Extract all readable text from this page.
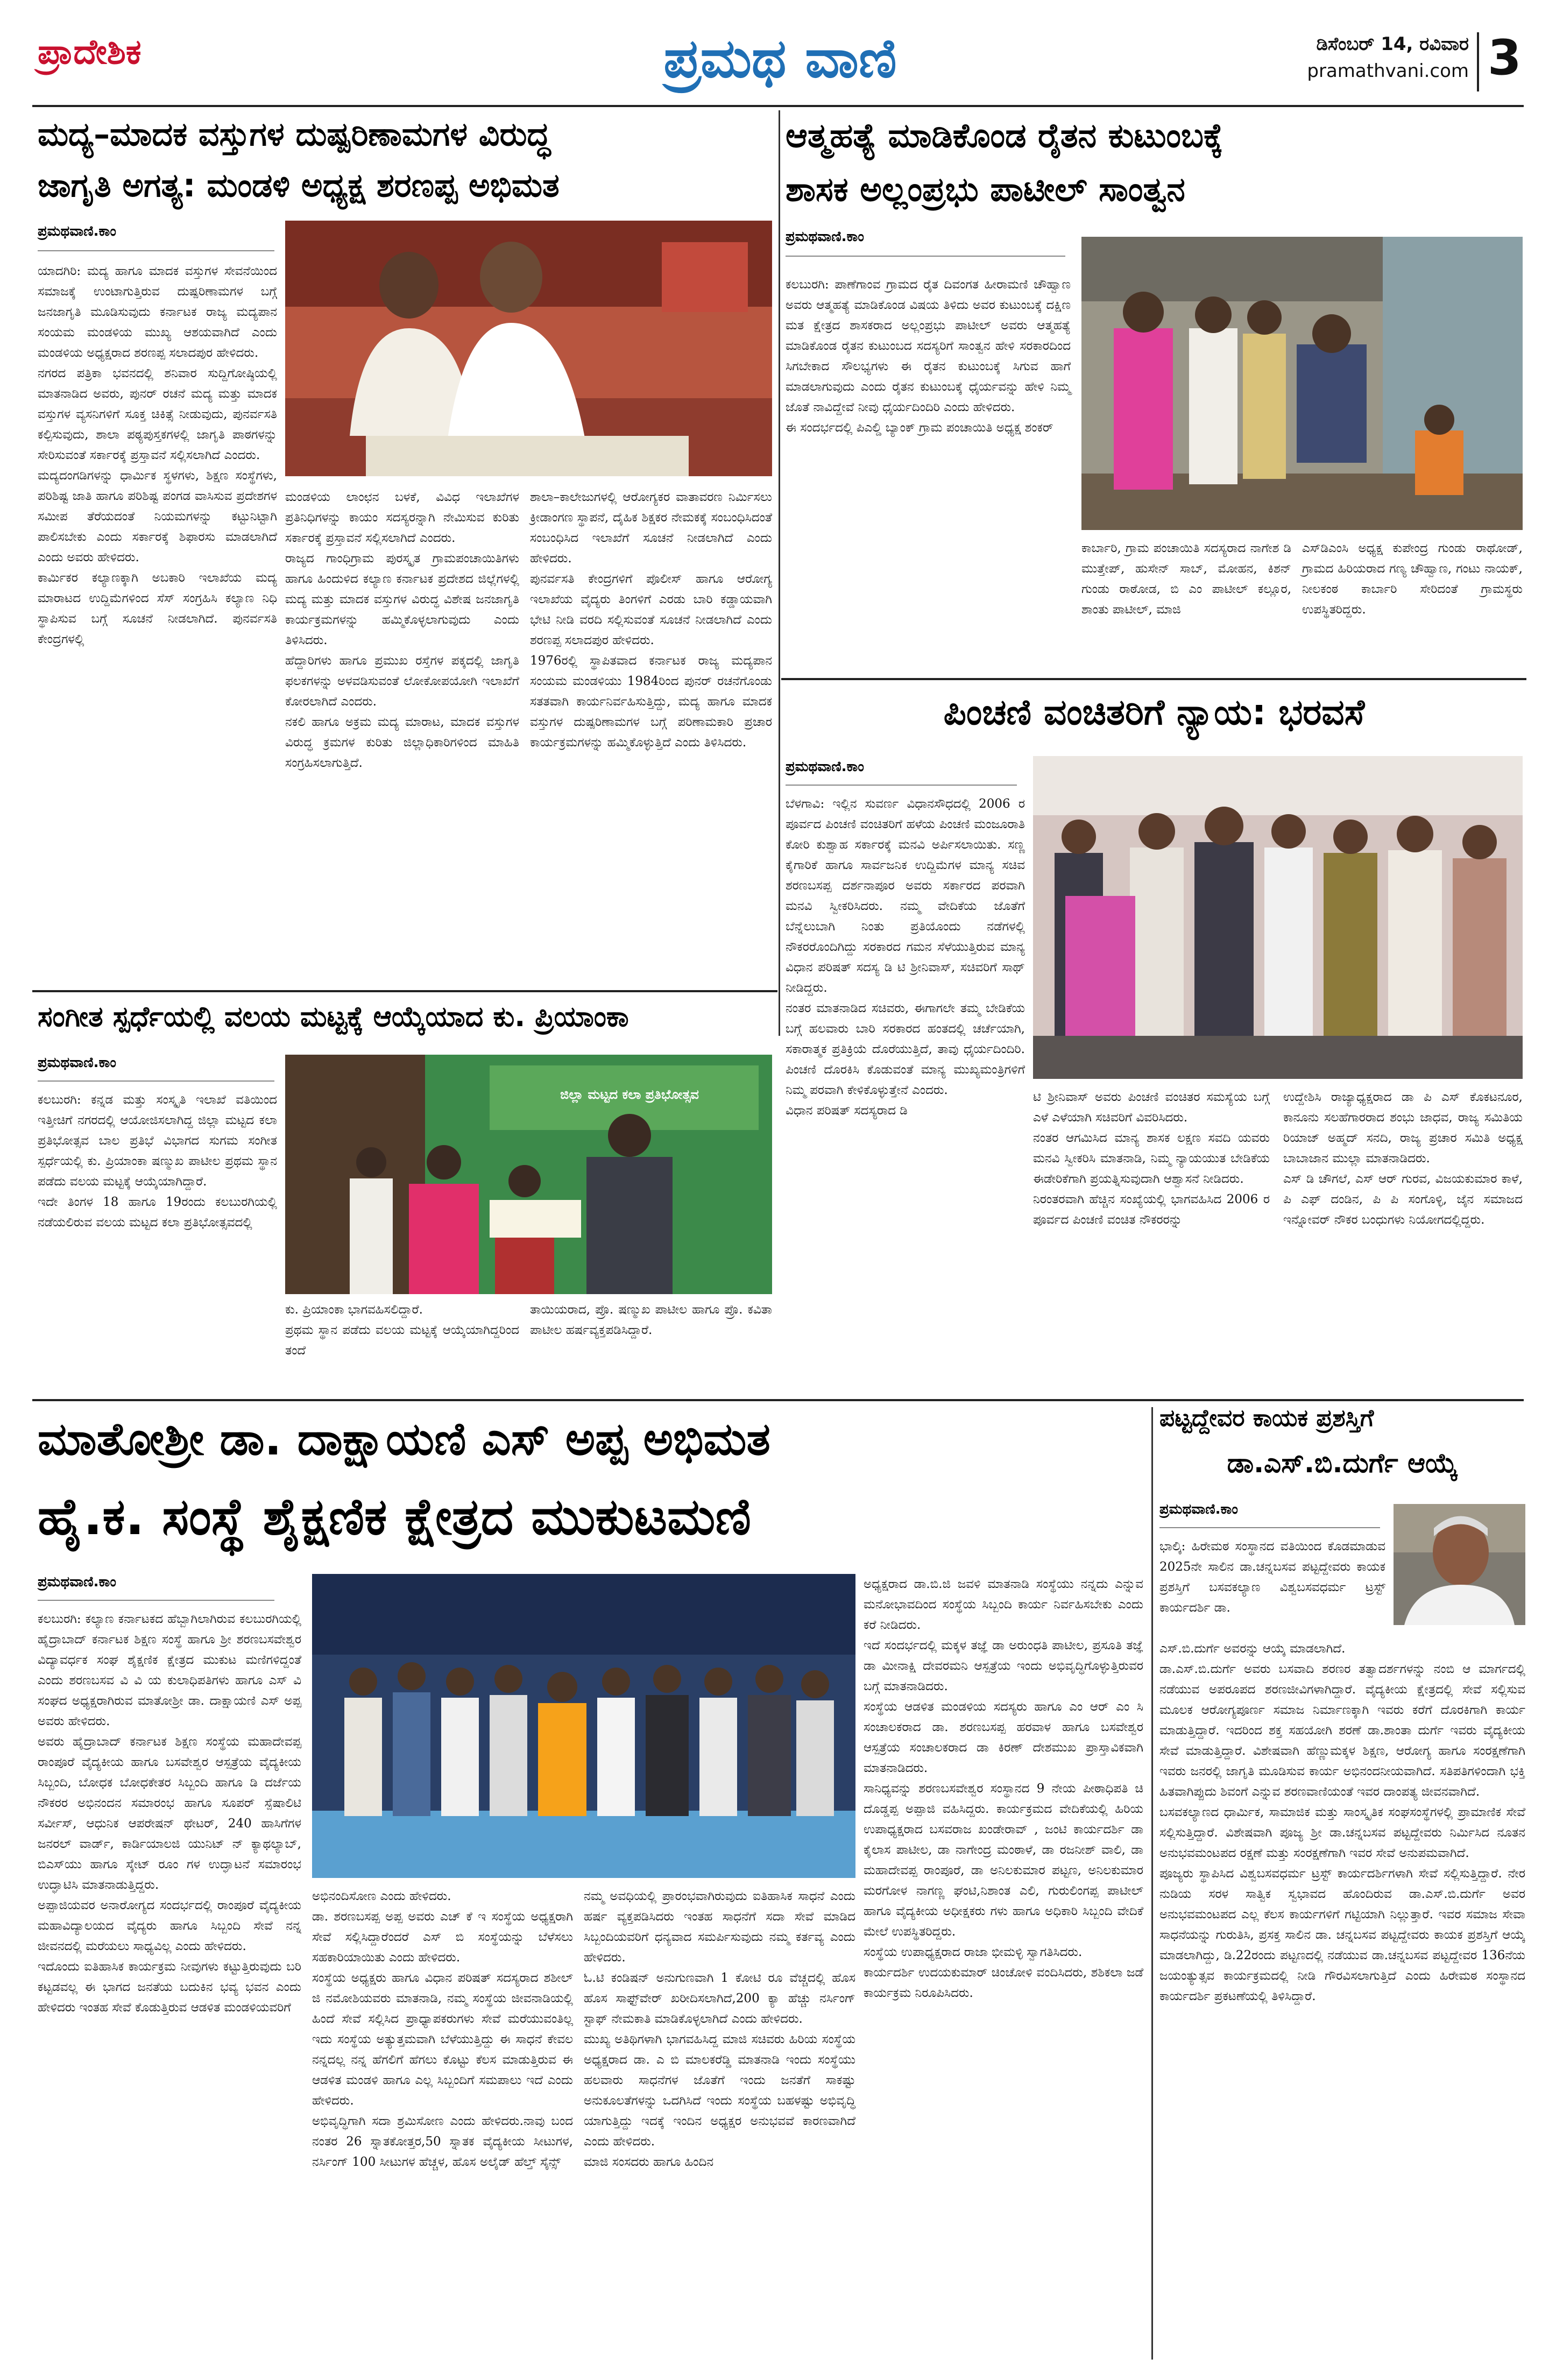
ಪ್ರಾದೇಶಿಕ	ಪ್ರಮಥ ವಾಣಿ	ಡಿಸೆಂಬರ್ 14, ರವಿವಾರ
pramathvani.com 3
ಮದ್ಯ–ಮಾದಕ ವಸ್ತುಗಳ ದುಷ್ಪರಿಣಾಮಗಳ ವಿರುದ್ಧ
ಜಾಗೃತಿ ಅಗತ್ಯ: ಮಂಡಳಿ ಅಧ್ಯಕ್ಷ ಶರಣಪ್ಪ ಅಭಿಮತ
ಪ್ರಮಥವಾಣಿ.ಕಾಂ
ಯಾದಗಿರಿ: ಮದ್ಯ ಹಾಗೂ ಮಾದಕ ವಸ್ತುಗಳ ಸೇವನೆಯಿಂದ ಸಮಾಜಕ್ಕೆ ಉಂಟಾಗುತ್ತಿರುವ ದುಷ್ಪರಿಣಾಮಗಳ ಬಗ್ಗೆ ಜನಜಾಗೃತಿ ಮೂಡಿಸುವುದು ಕರ್ನಾಟಕ ರಾಜ್ಯ ಮದ್ಯಪಾನ ಸಂಯಮ ಮಂಡಳಿಯ ಮುಖ್ಯ ಆಶಯವಾಗಿದೆ ಎಂದು ಮಂಡಳಿಯ ಅಧ್ಯಕ್ಷರಾದ ಶರಣಪ್ಪ ಸಲಾದಪುರ ಹೇಳಿದರು.
ನಗರದ ಪತ್ರಿಕಾ ಭವನದಲ್ಲಿ ಶನಿವಾರ ಸುದ್ದಿಗೋಷ್ಠಿಯಲ್ಲಿ ಮಾತನಾಡಿದ ಅವರು, ಪುನರ್ ರಚನೆ ಮದ್ಯ ಮತ್ತು ಮಾದಕ ವಸ್ತುಗಳ ವ್ಯಸನಿಗಳಿಗೆ ಸೂಕ್ತ ಚಿಕಿತ್ಸೆ ನೀಡುವುದು, ಪುನರ್ವಸತಿ ಕಲ್ಪಿಸುವುದು, ಶಾಲಾ ಪಠ್ಯಪುಸ್ತಕಗಳಲ್ಲಿ ಜಾಗೃತಿ ಪಾಠಗಳನ್ನು ಸೇರಿಸುವಂತೆ ಸರ್ಕಾರಕ್ಕೆ ಪ್ರಸ್ತಾವನೆ ಸಲ್ಲಿಸಲಾಗಿದೆ ಎಂದರು.
ಮದ್ಯದಂಗಡಿಗಳನ್ನು ಧಾರ್ಮಿಕ ಸ್ಥಳಗಳು, ಶಿಕ್ಷಣ ಸಂಸ್ಥೆಗಳು, ಪರಿಶಿಷ್ಟ ಜಾತಿ ಹಾಗೂ ಪರಿಶಿಷ್ಟ ಪಂಗಡ ವಾಸಿಸುವ ಪ್ರದೇಶಗಳ ಸಮೀಪ ತೆರೆಯದಂತೆ ನಿಯಮಗಳನ್ನು ಕಟ್ಟುನಿಟ್ಟಾಗಿ ಪಾಲಿಸಬೇಕು ಎಂದು ಸರ್ಕಾರಕ್ಕೆ ಶಿಫಾರಸು ಮಾಡಲಾಗಿದೆ ಎಂದು ಅವರು ಹೇಳಿದರು.
ಕಾರ್ಮಿಕರ ಕಲ್ಯಾಣಕ್ಕಾಗಿ ಅಬಕಾರಿ ಇಲಾಖೆಯ ಮದ್ಯ ಮಾರಾಟದ ಉದ್ದಿಮೆಗಳಿಂದ ಸೆಸ್ ಸಂಗ್ರಹಿಸಿ ಕಲ್ಯಾಣ ನಿಧಿ ಸ್ಥಾಪಿಸುವ ಬಗ್ಗೆ ಸೂಚನೆ ನೀಡಲಾಗಿದೆ. ಪುನರ್ವಸತಿ ಕೇಂದ್ರಗಳಲ್ಲಿ
ಮಂಡಳಿಯ ಲಾಂಛನ ಬಳಕೆ, ವಿವಿಧ ಇಲಾಖೆಗಳ ಪ್ರತಿನಿಧಿಗಳನ್ನು ಕಾಯಂ ಸದಸ್ಯರನ್ನಾಗಿ ನೇಮಿಸುವ ಕುರಿತು ಸರ್ಕಾರಕ್ಕೆ ಪ್ರಸ್ತಾವನೆ ಸಲ್ಲಿಸಲಾಗಿದೆ ಎಂದರು.
ರಾಜ್ಯದ ಗಾಂಧಿಗ್ರಾಮ ಪುರಸ್ಕೃತ ಗ್ರಾಮಪಂಚಾಯಿತಿಗಳು ಹಾಗೂ ಹಿಂದುಳಿದ ಕಲ್ಯಾಣ ಕರ್ನಾಟಕ ಪ್ರದೇಶದ ಜಿಲ್ಲೆಗಳಲ್ಲಿ ಮದ್ಯ ಮತ್ತು ಮಾದಕ ವಸ್ತುಗಳ ವಿರುದ್ಧ ವಿಶೇಷ ಜನಜಾಗೃತಿ ಕಾರ್ಯಕ್ರಮಗಳನ್ನು ಹಮ್ಮಿಕೊಳ್ಳಲಾಗುವುದು ಎಂದು ತಿಳಿಸಿದರು.
ಹೆದ್ದಾರಿಗಳು ಹಾಗೂ ಪ್ರಮುಖ ರಸ್ತೆಗಳ ಪಕ್ಕದಲ್ಲಿ ಜಾಗೃತಿ ಫಲಕಗಳನ್ನು ಅಳವಡಿಸುವಂತೆ ಲೋಕೋಪಯೋಗಿ ಇಲಾಖೆಗೆ ಕೋರಲಾಗಿದೆ ಎಂದರು.
ನಕಲಿ ಹಾಗೂ ಅಕ್ರಮ ಮದ್ಯ ಮಾರಾಟ, ಮಾದಕ ವಸ್ತುಗಳ ವಿರುದ್ಧ ಕ್ರಮಗಳ ಕುರಿತು ಜಿಲ್ಲಾಧಿಕಾರಿಗಳಿಂದ ಮಾಹಿತಿ ಸಂಗ್ರಹಿಸಲಾಗುತ್ತಿದೆ.
ಶಾಲಾ–ಕಾಲೇಜುಗಳಲ್ಲಿ ಆರೋಗ್ಯಕರ ವಾತಾವರಣ ನಿರ್ಮಿಸಲು ಕ್ರೀಡಾಂಗಣ ಸ್ಥಾಪನೆ, ದೈಹಿಕ ಶಿಕ್ಷಕರ ನೇಮಕಕ್ಕೆ ಸಂಬಂಧಿಸಿದಂತೆ ಸಂಬಂಧಿಸಿದ ಇಲಾಖೆಗೆ ಸೂಚನೆ ನೀಡಲಾಗಿದೆ ಎಂದು ಹೇಳಿದರು.
ಪುನರ್ವಸತಿ ಕೇಂದ್ರಗಳಿಗೆ ಪೊಲೀಸ್ ಹಾಗೂ ಆರೋಗ್ಯ ಇಲಾಖೆಯ ವೈದ್ಯರು ತಿಂಗಳಿಗೆ ಎರಡು ಬಾರಿ ಕಡ್ಡಾಯವಾಗಿ ಭೇಟಿ ನೀಡಿ ವರದಿ ಸಲ್ಲಿಸುವಂತೆ ಸೂಚನೆ ನೀಡಲಾಗಿದೆ ಎಂದು ಶರಣಪ್ಪ ಸಲಾದಪುರ ಹೇಳಿದರು.
1976ರಲ್ಲಿ ಸ್ಥಾಪಿತವಾದ ಕರ್ನಾಟಕ ರಾಜ್ಯ ಮದ್ಯಪಾನ ಸಂಯಮ ಮಂಡಳಿಯು 1984ರಿಂದ ಪುನರ್ ರಚನೆಗೊಂಡು ಸತತವಾಗಿ ಕಾರ್ಯನಿರ್ವಹಿಸುತ್ತಿದ್ದು, ಮದ್ಯ ಹಾಗೂ ಮಾದಕ ವಸ್ತುಗಳ ದುಷ್ಪರಿಣಾಮಗಳ ಬಗ್ಗೆ ಪರಿಣಾಮಕಾರಿ ಪ್ರಚಾರ ಕಾರ್ಯಕ್ರಮಗಳನ್ನು ಹಮ್ಮಿಕೊಳ್ಳುತ್ತಿದೆ ಎಂದು ತಿಳಿಸಿದರು.
ಆತ್ಮಹತ್ಯೆ ಮಾಡಿಕೊಂಡ ರೈತನ ಕುಟುಂಬಕ್ಕೆ
ಶಾಸಕ ಅಲ್ಲಂಪ್ರಭು ಪಾಟೀಲ್ ಸಾಂತ್ವನ
ಪ್ರಮಥವಾಣಿ.ಕಾಂ
ಕಲಬುರಗಿ: ಪಾಣೆಗಾಂವ ಗ್ರಾಮದ ರೈತ ದಿವಂಗತ ಹೀರಾಮಣಿ ಚೌಹ್ವಾಣ ಅವರು ಆತ್ಮಹತ್ಯೆ ಮಾಡಿಕೊಂಡ ವಿಷಯ ತಿಳಿದು ಅವರ ಕುಟುಂಬಕ್ಕೆ ದಕ್ಷಿಣ ಮತ ಕ್ಷೇತ್ರದ ಶಾಸಕರಾದ ಅಲ್ಲಂಪ್ರಭು ಪಾಟೀಲ್ ಅವರು ಆತ್ಮಹತ್ಯೆ ಮಾಡಿಕೊಂಡ ರೈತನ ಕುಟುಂಬದ ಸದಸ್ಯರಿಗೆ ಸಾಂತ್ವನ ಹೇಳಿ ಸರಕಾರದಿಂದ ಸಿಗಬೇಕಾದ ಸೌಲಭ್ಯಗಳು ಈ ರೈತನ ಕುಟುಂಬಕ್ಕೆ ಸಿಗುವ ಹಾಗೆ ಮಾಡಲಾಗುವುದು ಎಂದು ರೈತನ ಕುಟುಂಬಕ್ಕೆ ಧೈರ್ಯವನ್ನು ಹೇಳಿ ನಿಮ್ಮ ಜೊತೆ ನಾವಿದ್ದೇವೆ ನೀವು ಧೈರ್ಯದಿಂದಿರಿ ಎಂದು ಹೇಳಿದರು.
ಈ ಸಂದರ್ಭದಲ್ಲಿ ಪಿಎಲ್ಡಿ ಬ್ಯಾಂಕ್ ಗ್ರಾಮ ಪಂಚಾಯಿತಿ ಅಧ್ಯಕ್ಷ ಶಂಕರ್
ಕಾರ್ಬಾರಿ, ಗ್ರಾಮ ಪಂಚಾಯಿತಿ ಸದಸ್ಯರಾದ ನಾಗೇಶ ಡಿ ಮುತ್ತೇಪ್, ಹುಸೇನ್ ಸಾಬ್, ಮೋಹನ, ಕಿಶನ್ ಗುಂಡು ರಾಠೋಡ, ಬಿ ಎಂ ಪಾಟೀಲ್ ಕಲ್ಲೂರ, ಶಾಂತು ಪಾಟೀಲ್, ಮಾಜಿ
ಎಸ್‌ಡಿಎಂಸಿ ಅಧ್ಯಕ್ಷ ಕುಪೇಂದ್ರ ಗುಂಡು ರಾಥೋಡ್, ಗ್ರಾಮದ ಹಿರಿಯರಾದ ಗಣ್ಯ ಚೌಹ್ವಾಣ, ಗಂಟು ನಾಯಕ್, ನೀಲಕಂಠ ಕಾರ್ಬಾರಿ ಸೇರಿದಂತೆ ಗ್ರಾಮಸ್ಥರು ಉಪಸ್ಥಿತರಿದ್ದರು.
ಪಿಂಚಣಿ ವಂಚಿತರಿಗೆ ನ್ಯಾಯ: ಭರವಸೆ
ಪ್ರಮಥವಾಣಿ.ಕಾಂ
ಬೆಳಗಾವಿ: ಇಲ್ಲಿನ ಸುವರ್ಣ ವಿಧಾನಸೌಧದಲ್ಲಿ 2006 ರ ಪೂರ್ವದ ಪಿಂಚಣಿ ವಂಚಿತರಿಗೆ ಹಳೆಯ ಪಿಂಚಣಿ ಮಂಜೂರಾತಿ ಕೋರಿ ಕುಶ್ವಾಹ ಸರ್ಕಾರಕ್ಕೆ ಮನವಿ ಅರ್ಪಿಸಲಾಯಿತು. ಸಣ್ಣ ಕೈಗಾರಿಕೆ ಹಾಗೂ ಸಾರ್ವಜನಿಕ ಉದ್ದಿಮೆಗಳ ಮಾನ್ಯ ಸಚಿವ ಶರಣಬಸಪ್ಪ ದರ್ಶನಾಪೂರ ಅವರು ಸರ್ಕಾರದ ಪರವಾಗಿ ಮನವಿ ಸ್ವೀಕರಿಸಿದರು. ನಮ್ಮ ವೇದಿಕೆಯ ಜೊತೆಗೆ ಬೆನ್ನೆಲುಬಾಗಿ ನಿಂತು ಪ್ರತಿಯೊಂದು ನಡೆಗಳಲ್ಲಿ ನೌಕರರೊಂದಿಗಿದ್ದು ಸರಕಾರದ ಗಮನ ಸೆಳೆಯುತ್ತಿರುವ ಮಾನ್ಯ ವಿಧಾನ ಪರಿಷತ್ ಸದಸ್ಯ ಡಿ ಟಿ ಶ್ರೀನಿವಾಸ್, ಸಚಿವರಿಗೆ ಸಾಥ್ ನೀಡಿದ್ದರು.
ನಂತರ ಮಾತನಾಡಿದ ಸಚಿವರು, ಈಗಾಗಲೇ ತಮ್ಮ ಬೇಡಿಕೆಯ ಬಗ್ಗೆ ಹಲವಾರು ಬಾರಿ ಸರಕಾರದ ಹಂತದಲ್ಲಿ ಚರ್ಚೆಯಾಗಿ, ಸಕಾರಾತ್ಮಕ ಪ್ರತಿಕ್ರಿಯೆ ದೊರೆಯುತ್ತಿದೆ, ತಾವು ಧೈರ್ಯದಿಂದಿರಿ. ಪಿಂಚಣಿ ದೊರಕಿಸಿ ಕೊಡುವಂತೆ ಮಾನ್ಯ ಮುಖ್ಯಮಂತ್ರಿಗಳಿಗೆ ನಿಮ್ಮ ಪರವಾಗಿ ಕೇಳಿಕೊಳ್ಳುತ್ತೇನೆ ಎಂದರು.
ವಿಧಾನ ಪರಿಷತ್ ಸದಸ್ಯರಾದ ಡಿ
ಟಿ ಶ್ರೀನಿವಾಸ್ ಅವರು ಪಿಂಚಣಿ ವಂಚಿತರ ಸಮಸ್ಯೆಯ ಬಗ್ಗೆ ಎಳೆ ಎಳೆಯಾಗಿ ಸಚಿವರಿಗೆ ವಿವರಿಸಿದರು.
ನಂತರ ಆಗಮಿಸಿದ ಮಾನ್ಯ ಶಾಸಕ ಲಕ್ಷಣ ಸವದಿ ಯವರು ಮನವಿ ಸ್ವೀಕರಿಸಿ ಮಾತನಾಡಿ, ನಿಮ್ಮ ನ್ಯಾಯಯುತ ಬೇಡಿಕೆಯ ಈಡೇರಿಕೆಗಾಗಿ ಪ್ರಯತ್ನಿಸುವುದಾಗಿ ಆಶ್ವಾಸನೆ ನೀಡಿದರು.
ನಿರಂತರವಾಗಿ ಹೆಚ್ಚಿನ ಸಂಖ್ಯೆಯಲ್ಲಿ ಭಾಗವಹಿಸಿದ 2006 ರ ಪೂರ್ವದ ಪಿಂಚಣಿ ವಂಚಿತ ನೌಕರರನ್ನು
ಉದ್ದೇಶಿಸಿ ರಾಜ್ಯಾಧ್ಯಕ್ಷರಾದ ಡಾ ಪಿ ಎಸ್ ಕೊಕಟನೂರ, ಕಾನೂನು ಸಲಹೆಗಾರರಾದ ಶಂಭು ಜಾಧವ, ರಾಜ್ಯ ಸಮಿತಿಯ ರಿಯಾಜ್ ಅಹ್ಮದ್ ಸನದಿ, ರಾಜ್ಯ ಪ್ರಚಾರ ಸಮಿತಿ ಅಧ್ಯಕ್ಷ ಬಾಬಾಜಾನ ಮುಲ್ಲಾ ಮಾತನಾಡಿದರು.
ಎಸ್ ಡಿ ಚೌಗಲೆ, ಎಸ್ ಆರ್ ಗುರವ, ವಿಜಯಕುಮಾರ ಕಾಳೆ, ಪಿ ಎಫ್ ದಂಡಿನ, ಪಿ ಪಿ ಸಂಗೊಳ್ಳಿ, ಜೈನ ಸಮಾಜದ ಇನ್ನೋವರ್ ನೌಕರ ಬಂಧುಗಳು ನಿಯೋಗದಲ್ಲಿದ್ದರು.
ಸಂಗೀತ ಸ್ಪರ್ಧೆಯಲ್ಲಿ ವಲಯ ಮಟ್ಟಕ್ಕೆ ಆಯ್ಕೆಯಾದ ಕು. ಪ್ರಿಯಾಂಕಾ
ಪ್ರಮಥವಾಣಿ.ಕಾಂ
ಜಿಲ್ಲಾ ಮಟ್ಟದ ಕಲಾ ಪ್ರತಿಭೋತ್ಸವ
ಕಲಬುರಗಿ: ಕನ್ನಡ ಮತ್ತು ಸಂಸ್ಕೃತಿ ಇಲಾಖೆ ವತಿಯಿಂದ ಇತ್ತೀಚಿಗೆ ನಗರದಲ್ಲಿ ಆಯೋಜಿಸಲಾಗಿದ್ದ ಜಿಲ್ಲಾ ಮಟ್ಟದ ಕಲಾ ಪ್ರತಿಭೋತ್ಸವ ಬಾಲ ಪ್ರತಿಭೆ ವಿಭಾಗದ ಸುಗಮ ಸಂಗೀತ ಸ್ಪರ್ಧೆಯಲ್ಲಿ ಕು. ಪ್ರಿಯಾಂಕಾ ಷಣ್ಮುಖ ಪಾಟೀಲ ಪ್ರಥಮ ಸ್ಥಾನ ಪಡೆದು ವಲಯ ಮಟ್ಟಕ್ಕೆ ಆಯ್ಕೆಯಾಗಿದ್ದಾರೆ.
ಇದೇ ತಿಂಗಳ 18 ಹಾಗೂ 19ರಂದು ಕಲಬುರಗಿಯಲ್ಲಿ ನಡೆಯಲಿರುವ ವಲಯ ಮಟ್ಟದ ಕಲಾ ಪ್ರತಿಭೋತ್ಸವದಲ್ಲಿ
ಕು. ಪ್ರಿಯಾಂಕಾ ಭಾಗವಹಿಸಲಿದ್ದಾರೆ.
ಪ್ರಥಮ ಸ್ಥಾನ ಪಡೆದು ವಲಯ ಮಟ್ಟಕ್ಕೆ ಆಯ್ಕೆಯಾಗಿದ್ದರಿಂದ ತಂದೆ
ತಾಯಿಯರಾದ, ಪ್ರೊ. ಷಣ್ಮುಖ ಪಾಟೀಲ ಹಾಗೂ ಪ್ರೊ. ಕವಿತಾ ಪಾಟೀಲ ಹರ್ಷವ್ಯಕ್ತಪಡಿಸಿದ್ದಾರೆ.
ಮಾತೋಶ್ರೀ ಡಾ. ದಾಕ್ಷಾಯಣಿ ಎಸ್ ಅಪ್ಪ ಅಭಿಮತ
ಹೈ.ಕ. ಸಂಸ್ಥೆ ಶೈಕ್ಷಣಿಕ ಕ್ಷೇತ್ರದ ಮುಕುಟಮಣಿ
ಪ್ರಮಥವಾಣಿ.ಕಾಂ
ಕಲಬುರಗಿ: ಕಲ್ಯಾಣ ಕರ್ನಾಟಕದ ಹೆಬ್ಬಾಗಿಲಾಗಿರುವ ಕಲಬುರಗಿಯಲ್ಲಿ ಹೈದ್ರಾಬಾದ್ ಕರ್ನಾಟಕ ಶಿಕ್ಷಣ ಸಂಸ್ಥೆ ಹಾಗೂ ಶ್ರೀ ಶರಣಬಸವೇಶ್ವರ ವಿದ್ಯಾವರ್ಧಕ ಸಂಘ ಶೈಕ್ಷಣಿಕ ಕ್ಷೇತ್ರದ ಮುಕುಟ ಮಣಿಗಳಿದ್ದಂತೆ ಎಂದು ಶರಣಬಸವ ವಿ ವಿ ಯ ಕುಲಾಧಿಪತಿಗಳು ಹಾಗೂ ಎಸ್ ವಿ ಸಂಘದ ಅಧ್ಯಕ್ಷರಾಗಿರುವ ಮಾತೋಶ್ರೀ ಡಾ. ದಾಕ್ಷಾಯಣಿ ಎಸ್ ಅಪ್ಪ ಅವರು ಹೇಳಿದರು.
ಅವರು ಹೈದ್ರಾಬಾದ್ ಕರ್ನಾಟಕ ಶಿಕ್ಷಣ ಸಂಸ್ಥೆಯ ಮಹಾದೇವಪ್ಪ ರಾಂಪೂರೆ ವೈದ್ಯಕೀಯ ಹಾಗೂ ಬಸವೇಶ್ವರ ಆಸ್ಪತ್ರೆಯ ವೈದ್ಯಕೀಯ ಸಿಬ್ಬಂದಿ, ಬೋಧಕ ಬೋಧಕೇತರ ಸಿಬ್ಬಂದಿ ಹಾಗೂ ಡಿ ದರ್ಜೆಯ ನೌಕರರ ಅಭಿನಂದನ ಸಮಾರಂಭ ಹಾಗೂ ಸೂಪರ್ ಸ್ಪೆಷಾಲಿಟಿ ಸರ್ವೀಸ್, ಆಧುನಿಕ ಆಪರೇಷನ್ ಥೇಟರ್, 240 ಹಾಸಿಗೆಗಳ ಜನರಲ್ ವಾರ್ಡ್, ಕಾರ್ಡಿಯಾಲಜಿ ಯುನಿಟ್ ನ್ ಕ್ಯಾಥಲ್ಯಾಬ್, ಬಿಎಸ್‌ಯು ಹಾಗೂ ಸ್ಕೇಟ್ ರೂಂ ಗಳ ಉದ್ಘಾಟನೆ ಸಮಾರಂಭ ಉದ್ಘಾಟಿಸಿ ಮಾತನಾಡುತ್ತಿದ್ದರು.
ಅಪ್ಪಾಜಿಯವರ ಅನಾರೋಗ್ಯದ ಸಂದರ್ಭದಲ್ಲಿ ರಾಂಪೂರೆ ವೈದ್ಯಕೀಯ ಮಹಾವಿದ್ಯಾಲಯದ ವೈದ್ಯರು ಹಾಗೂ ಸಿಬ್ಬಂದಿ ಸೇವೆ ನನ್ನ ಜೀವನದಲ್ಲಿ ಮರೆಯಲು ಸಾಧ್ಯವಿಲ್ಲ ಎಂದು ಹೇಳಿದರು.
ಇದೊಂದು ಐತಿಹಾಸಿಕ ಕಾರ್ಯಕ್ರಮ ನೀವುಗಳು ಕಟ್ಟುತ್ತಿರುವುದು ಬರಿ ಕಟ್ಟಡವಲ್ಲ ಈ ಭಾಗದ ಜನತೆಯ ಬದುಕಿನ ಭವ್ಯ ಭವನ ಎಂದು ಹೇಳಿದರು ಇಂತಹ ಸೇವೆ ಕೊಡುತ್ತಿರುವ ಆಡಳಿತ ಮಂಡಳಿಯವರಿಗೆ
ಅಭಿನಂದಿಸೋಣ ಎಂದು ಹೇಳಿದರು.
ಡಾ. ಶರಣಬಸಪ್ಪ ಅಪ್ಪ ಅವರು ಎಚ್ ಕೆ ಇ ಸಂಸ್ಥೆಯ ಅಧ್ಯಕ್ಷರಾಗಿ ಸೇವೆ ಸಲ್ಲಿಸಿದ್ದಾರೆಂದರೆ ಎಸ್ ಬಿ ಸಂಸ್ಥೆಯನ್ನು ಬೆಳೆಸಲು ಸಹಕಾರಿಯಾಯಿತು ಎಂದು ಹೇಳಿದರು.
ಸಂಸ್ಥೆಯ ಅಧ್ಯಕ್ಷರು ಹಾಗೂ ವಿಧಾನ ಪರಿಷತ್ ಸದಸ್ಯರಾದ ಶಶೀಲ್ ಜಿ ನಮೋಶಿಯವರು ಮಾತನಾಡಿ, ನಮ್ಮ ಸಂಸ್ಥೆಯ ಜೀವನಾಡಿಯಲ್ಲಿ ಹಿಂದೆ ಸೇವೆ ಸಲ್ಲಿಸಿದ ಪ್ರಾಧ್ಯಾಪಕರುಗಳು ಸೇವೆ ಮರೆಯುವಂತಿಲ್ಲ ಇದು ಸಂಸ್ಥೆಯ ಅತ್ಯುತ್ತಮವಾಗಿ ಬೆಳೆಯುತ್ತಿದ್ದು ಈ ಸಾಧನೆ ಕೇವಲ ನನ್ನದಲ್ಲ ನನ್ನ ಹೆಗಲಿಗೆ ಹೆಗಲು ಕೊಟ್ಟು ಕೆಲಸ ಮಾಡುತ್ತಿರುವ ಈ ಆಡಳಿತ ಮಂಡಳಿ ಹಾಗೂ ಎಲ್ಲ ಸಿಬ್ಬಂದಿಗೆ ಸಮಪಾಲು ಇದೆ ಎಂದು ಹೇಳಿದರು.
ಅಭಿವೃದ್ಧಿಗಾಗಿ ಸದಾ ಶ್ರಮಿಸೋಣ ಎಂದು ಹೇಳಿದರು.ನಾವು ಬಂದ ನಂತರ 26 ಸ್ನಾತಕೋತ್ತರ,50 ಸ್ನಾತಕ ವೈದ್ಯಕೀಯ ಸೀಟುಗಳ, ನರ್ಸಿಂಗ್ 100 ಸೀಟುಗಳ ಹೆಚ್ಚಳ, ಹೊಸ ಅಲೈಡ್ ಹೆಲ್ತ್ ಸೈನ್ಸ್
ನಮ್ಮ ಅವಧಿಯಲ್ಲಿ ಪ್ರಾರಂಭವಾಗಿರುವುದು ಐತಿಹಾಸಿಕ ಸಾಧನೆ ಎಂದು ಹರ್ಷ ವ್ಯಕ್ತಪಡಿಸಿದರು ಇಂತಹ ಸಾಧನೆಗೆ ಸದಾ ಸೇವೆ ಮಾಡಿದ ಸಿಬ್ಬಂದಿಯವರಿಗೆ ಧನ್ಯವಾದ ಸಮರ್ಪಿಸುವುದು ನಮ್ಮ ಕರ್ತವ್ಯ ಎಂದು ಹೇಳಿದರು.
ಓ.ಟಿ ಕಂಡಿಷನ್ ಅನುಗುಣವಾಗಿ 1 ಕೋಟಿ ರೂ ವೆಚ್ಚದಲ್ಲಿ ಹೊಸ ಹೊಸ ಸಾಫ್ಟ್‌ವೇರ್ ಖರೀದಿಸಲಾಗಿದೆ,200 ಕ್ಯಾ ಹೆಚ್ಚು ನರ್ಸಿಂಗ್ ಸ್ಟಾಫ್ ನೇಮಕಾತಿ ಮಾಡಿಕೊಳ್ಳಲಾಗಿದೆ ಎಂದು ಹೇಳಿದರು.
ಮುಖ್ಯ ಅತಿಥಿಗಳಾಗಿ ಭಾಗವಹಿಸಿದ್ದ ಮಾಜಿ ಸಚಿವರು ಹಿರಿಯ ಸಂಸ್ಥೆಯ ಅಧ್ಯಕ್ಷರಾದ ಡಾ. ಎ ಬಿ ಮಾಲಕರೆಡ್ಡಿ ಮಾತನಾಡಿ ಇಂದು ಸಂಸ್ಥೆಯು ಹಲವಾರು ಸಾಧನೆಗಳ ಜೊತೆಗೆ ಇಂದು ಜನತೆಗೆ ಸಾಕಷ್ಟು ಅನುಕೂಲತೆಗಳನ್ನು ಒದಗಿಸಿದೆ ಇಂದು ಸಂಸ್ಥೆಯ ಬಹಳಷ್ಟು ಅಭಿವೃದ್ಧಿ ಯಾಗುತ್ತಿದ್ದು ಇದಕ್ಕೆ ಇಂದಿನ ಅಧ್ಯಕ್ಷರ ಅನುಭವವೆ ಕಾರಣವಾಗಿದೆ ಎಂದು ಹೇಳಿದರು.
ಮಾಜಿ ಸಂಸದರು ಹಾಗೂ ಹಿಂದಿನ
ಅಧ್ಯಕ್ಷರಾದ ಡಾ.ಬಿ.ಜಿ ಜವಳಿ ಮಾತನಾಡಿ ಸಂಸ್ಥೆಯು ನನ್ನದು ಎನ್ನುವ ಮನೋಭಾವದಿಂದ ಸಂಸ್ಥೆಯ ಸಿಬ್ಬಂದಿ ಕಾರ್ಯ ನಿರ್ವಹಿಸಬೇಕು ಎಂದು ಕರೆ ನೀಡಿದರು.
ಇದೆ ಸಂದರ್ಭದಲ್ಲಿ ಮಕ್ಕಳ ತಜ್ಞೆ ಡಾ ಅರುಂಧತಿ ಪಾಟೀಲ, ಪ್ರಸೂತಿ ತಜ್ಞೆ ಡಾ ಮೀನಾಕ್ಷಿ ದೇವರಮನಿ ಆಸ್ಪತ್ರೆಯ ಇಂದು ಅಭಿವೃದ್ಧಿಗೊಳ್ಳುತ್ತಿರುವರ ಬಗ್ಗೆ ಮಾತನಾಡಿದರು.
ಸಂಸ್ಥೆಯ ಆಡಳಿತ ಮಂಡಳಿಯ ಸದಸ್ಯರು ಹಾಗೂ ಎಂ ಆರ್ ಎಂ ಸಿ ಸಂಚಾಲಕರಾದ ಡಾ. ಶರಣಬಸಪ್ಪ ಹರವಾಳ ಹಾಗೂ ಬಸವೇಶ್ವರ ಆಸ್ಪತ್ರೆಯ ಸಂಚಾಲಕರಾದ ಡಾ ಕಿರಣ್ ದೇಶಮುಖ ಪ್ರಾಸ್ತಾವಿಕವಾಗಿ ಮಾತನಾಡಿದರು.
ಸಾನಿಧ್ಯವನ್ನು ಶರಣಬಸವೇಶ್ವರ ಸಂಸ್ಥಾನದ 9 ನೇಯ ಪೀಠಾಧಿಪತಿ ಚಿ ದೊಡ್ಡಪ್ಪ ಅಪ್ಪಾಜಿ ವಹಿಸಿದ್ದರು. ಕಾರ್ಯಕ್ರಮದ ವೇದಿಕೆಯಲ್ಲಿ ಹಿರಿಯ ಉಪಾಧ್ಯಕ್ಷರಾದ ಬಸವರಾಜ ಖಂಡೇರಾವ್ , ಜಂಟಿ ಕಾರ್ಯದರ್ಶಿ ಡಾ ಕೈಲಾಸ ಪಾಟೀಲ, ಡಾ ನಾಗೇಂದ್ರ ಮಂಠಾಳೆ, ಡಾ ರಜನೀಶ್ ವಾಲಿ, ಡಾ ಮಹಾದೇವಪ್ಪ ರಾಂಪೂರೆ, ಡಾ ಅನಿಲಕುಮಾರ ಪಟ್ಟಣ, ಅನಿಲಕುಮಾರ ಮರಗೋಳ ನಾಗಣ್ಣ ಘಂಟಿ,ನಿಶಾಂತ ಎಲಿ, ಗುರುಲಿಂಗಪ್ಪ ಪಾಟೀಲ್ ಹಾಗೂ ವೈದ್ಯಕೀಯ ಅಧೀಕ್ಷಕರು ಗಳು ಹಾಗೂ ಅಧಿಕಾರಿ ಸಿಬ್ಬಂದಿ ವೇದಿಕೆ ಮೇಲೆ ಉಪಸ್ಥಿತರಿದ್ದರು.
ಸಂಸ್ಥೆಯ ಉಪಾಧ್ಯಕ್ಷರಾದ ರಾಜಾ ಭೀಮಳ್ಳಿ ಸ್ವಾಗತಿಸಿದರು.
ಕಾರ್ಯದರ್ಶಿ ಉದಯಕುಮಾರ್ ಚಿಂಚೋಳಿ ವಂದಿಸಿದರು, ಶಶಿಕಲಾ ಜಡೆ ಕಾರ್ಯಕ್ರಮ ನಿರೂಪಿಸಿದರು.
ಪಟ್ಟದ್ದೇವರ ಕಾಯಕ ಪ್ರಶಸ್ತಿಗೆ
ಡಾ.ಎಸ್.ಬಿ.ದುರ್ಗೆ ಆಯ್ಕೆ
ಪ್ರಮಥವಾಣಿ.ಕಾಂ
ಭಾಲ್ಕಿ: ಹಿರೇಮಠ ಸಂಸ್ಥಾನದ ವತಿಯಿಂದ ಕೊಡಮಾಡುವ 2025ನೇ ಸಾಲಿನ ಡಾ.ಚನ್ನಬಸವ ಪಟ್ಟದ್ದೇವರು ಕಾಯಕ ಪ್ರಶಸ್ತಿಗೆ ಬಸವಕಲ್ಯಾಣ ವಿಶ್ವಬಸವಧರ್ಮ ಟ್ರಸ್ಟ್ ಕಾರ್ಯದರ್ಶಿ ಡಾ.
ಎಸ್.ಬಿ.ದುರ್ಗೆ ಅವರನ್ನು ಆಯ್ಕೆ ಮಾಡಲಾಗಿದೆ.
ಡಾ.ಎಸ್.ಬಿ.ದುರ್ಗೆ ಅವರು ಬಸವಾದಿ ಶರಣರ ತತ್ವಾದರ್ಶಗಳನ್ನು ನಂಬಿ ಆ ಮಾರ್ಗದಲ್ಲಿ ನಡೆಯುವ ಅಪರೂಪದ ಶರಣಜೀವಿಗಳಾಗಿದ್ದಾರೆ. ವೈದ್ಯಕೀಯ ಕ್ಷೇತ್ರದಲ್ಲಿ ಸೇವೆ ಸಲ್ಲಿಸುವ ಮೂಲಕ ಆರೋಗ್ಯಪೂರ್ಣ ಸಮಾಜ ನಿರ್ಮಾಣಕ್ಕಾಗಿ ಇವರು ಕರೆಗೆ ದೊರಕಿಗಾಗಿ ಕಾರ್ಯ ಮಾಡುತ್ತಿದ್ದಾರೆ. ಇದರಿಂದ ಶಕ್ತ ಸಹಯೋಗಿ ಶರಣೆ ಡಾ.ಶಾಂತಾ ದುರ್ಗೆ ಇವರು ವೈದ್ಯಕೀಯ ಸೇವೆ ಮಾಡುತ್ತಿದ್ದಾರೆ. ವಿಶೇಷವಾಗಿ ಹೆಣ್ಣುಮಕ್ಕಳ ಶಿಕ್ಷಣ, ಆರೋಗ್ಯ ಹಾಗೂ ಸಂರಕ್ಷಣೆಗಾಗಿ ಇವರು ಜನರಲ್ಲಿ ಜಾಗೃತಿ ಮೂಡಿಸುವ ಕಾರ್ಯ ಅಭಿನಂದನೀಯವಾಗಿದೆ. ಸತಿಪತಿಗಳಿಂದಾಗಿ ಭಕ್ತಿ ಹಿತವಾಗಿಪ್ಪುದು ಶಿವಂಗೆ ಎನ್ನುವ ಶರಣವಾಣಿಯಂತೆ ಇವರ ದಾಂಪತ್ಯ ಜೀವನವಾಗಿದೆ.
ಬಸವಕಲ್ಯಾಣದ ಧಾರ್ಮಿಕ, ಸಾಮಾಜಿಕ ಮತ್ತು ಸಾಂಸ್ಕೃತಿಕ ಸಂಘಸಂಸ್ಥೆಗಳಲ್ಲಿ ಪ್ರಾಮಾಣಿಕ ಸೇವೆ ಸಲ್ಲಿಸುತ್ತಿದ್ದಾರೆ. ವಿಶೇಷವಾಗಿ ಪೂಜ್ಯ ಶ್ರೀ ಡಾ.ಚನ್ನಬಸವ ಪಟ್ಟದ್ದೇವರು ನಿರ್ಮಿಸಿದ ನೂತನ ಅನುಭವಮಂಟಪದ ರಕ್ಷಣೆ ಮತ್ತು ಸಂರಕ್ಷಣೆಗಾಗಿ ಇವರ ಸೇವೆ ಅನುಪಮವಾಗಿದೆ.
ಪೂಜ್ಯರು ಸ್ಥಾಪಿಸಿದ ವಿಶ್ವಬಸವಧರ್ಮ ಟ್ರಸ್ಟ್ ಕಾರ್ಯದರ್ಶಿಗಳಾಗಿ ಸೇವೆ ಸಲ್ಲಿಸುತ್ತಿದ್ದಾರೆ. ನೇರ ನುಡಿಯ ಸರಳ ಸಾತ್ವಿಕ ಸ್ವಭಾವದ ಹೊಂದಿರುವ ಡಾ.ಎಸ್.ಬಿ.ದುರ್ಗೆ ಅವರ ಅನುಭವಮಂಟಪದ ಎಲ್ಲ ಕೆಲಸ ಕಾರ್ಯಗಳಿಗೆ ಗಟ್ಟಿಯಾಗಿ ನಿಲ್ಲುತ್ತಾರೆ. ಇವರ ಸಮಾಜ ಸೇವಾ ಸಾಧನೆಯನ್ನು ಗುರುತಿಸಿ, ಪ್ರಸಕ್ತ ಸಾಲಿನ ಡಾ. ಚನ್ನಬಸವ ಪಟ್ಟದ್ದೇವರು ಕಾಯಕ ಪ್ರಶಸ್ತಿಗೆ ಆಯ್ಕೆ ಮಾಡಲಾಗಿದ್ದು, ಡಿ.22ರಂದು ಪಟ್ಟಣದಲ್ಲಿ ನಡೆಯುವ ಡಾ.ಚನ್ನಬಸವ ಪಟ್ಟದ್ದೇವರ 136ನೆಯ ಜಯಂತ್ಯುತ್ಸವ ಕಾರ್ಯಕ್ರಮದಲ್ಲಿ ನೀಡಿ ಗೌರವಿಸಲಾಗುತ್ತಿದೆ ಎಂದು ಹಿರೇಮಠ ಸಂಸ್ಥಾನದ ಕಾರ್ಯದರ್ಶಿ ಪ್ರಕಟಣೆಯಲ್ಲಿ ತಿಳಿಸಿದ್ದಾರೆ.
